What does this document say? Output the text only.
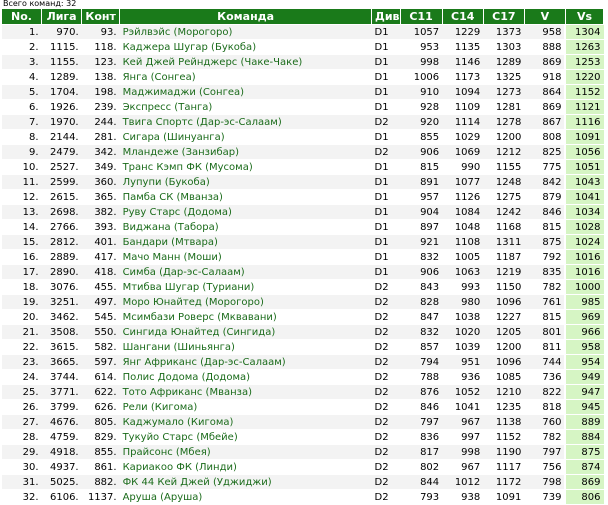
Всего команд: 32
No.	Лига	Конт	Команда	Див	C11	C14	C17	V	Vs
1.	970.	93.	Рэйлвэйс (Морогоро)	D1	1057	1229	1373	958	1304
2.	1115.	118.	Каджера Шугар (Букоба)	D1	953	1135	1303	888	1263
3.	1155.	123.	Кей Джей Рейнджерс (Чаке-Чаке)	D1	998	1146	1289	869	1253
4.	1289.	138.	Янга (Сонгеа)	D1	1006	1173	1325	918	1220
5.	1704.	198.	Маджимаджи (Сонгеа)	D1	910	1094	1273	864	1152
6.	1926.	239.	Экспресс (Танга)	D1	928	1109	1281	869	1121
7.	1970.	244.	Твига Спортс (Дар-эс-Салаам)	D2	920	1114	1278	867	1116
8.	2144.	281.	Сигара (Шинуанга)	D1	855	1029	1200	808	1091
9.	2479.	342.	Мландеже (Занзибар)	D2	906	1069	1212	825	1056
10.	2527.	349.	Транс Кэмп ФК (Мусома)	D1	815	990	1155	775	1051
11.	2599.	360.	Лупупи (Букоба)	D1	891	1077	1248	842	1043
12.	2615.	365.	Памба СК (Мванза)	D1	957	1126	1275	879	1041
13.	2698.	382.	Руву Старс (Додома)	D1	904	1084	1242	846	1034
14.	2766.	393.	Виджана (Табора)	D1	897	1048	1168	815	1028
15.	2812.	401.	Бандари (Мтвара)	D1	921	1108	1311	875	1024
16.	2889.	417.	Мачо Манн (Моши)	D1	832	1005	1187	792	1016
17.	2890.	418.	Симба (Дар-эс-Салаам)	D1	906	1063	1219	835	1016
18.	3076.	455.	Мтибва Шугар (Туриани)	D2	843	993	1150	782	1000
19.	3251.	497.	Моро Юнайтед (Морогоро)	D2	828	980	1096	761	985
20.	3462.	545.	Мсимбази Роверс (Мквавани)	D2	847	1038	1227	815	969
21.	3508.	550.	Сингида Юнайтед (Сингида)	D2	832	1020	1205	801	966
22.	3615.	582.	Шангани (Шиньянга)	D2	857	1039	1200	811	958
23.	3665.	597.	Янг Африканс (Дар-эс-Салаам)	D2	794	951	1096	744	954
24.	3744.	614.	Полис Додома (Додома)	D2	788	936	1085	736	949
25.	3771.	622.	Тото Африканс (Мванза)	D2	876	1052	1210	822	947
26.	3799.	626.	Рели (Кигома)	D2	846	1041	1235	818	945
27.	4676.	805.	Каджумало (Кигома)	D2	797	967	1138	760	889
28.	4759.	829.	Тукуйо Старс (Мбейе)	D2	836	997	1152	782	884
29.	4918.	855.	Прайсонс (Мбея)	D2	817	998	1190	797	875
30.	4937.	861.	Кариакоо ФК (Линди)	D2	802	967	1117	756	874
31.	5025.	882.	ФК 44 Кей Джей (Уджиджи)	D2	844	1012	1172	798	869
32.	6106.	1137.	Аруша (Аруша)	D2	793	938	1091	739	806
